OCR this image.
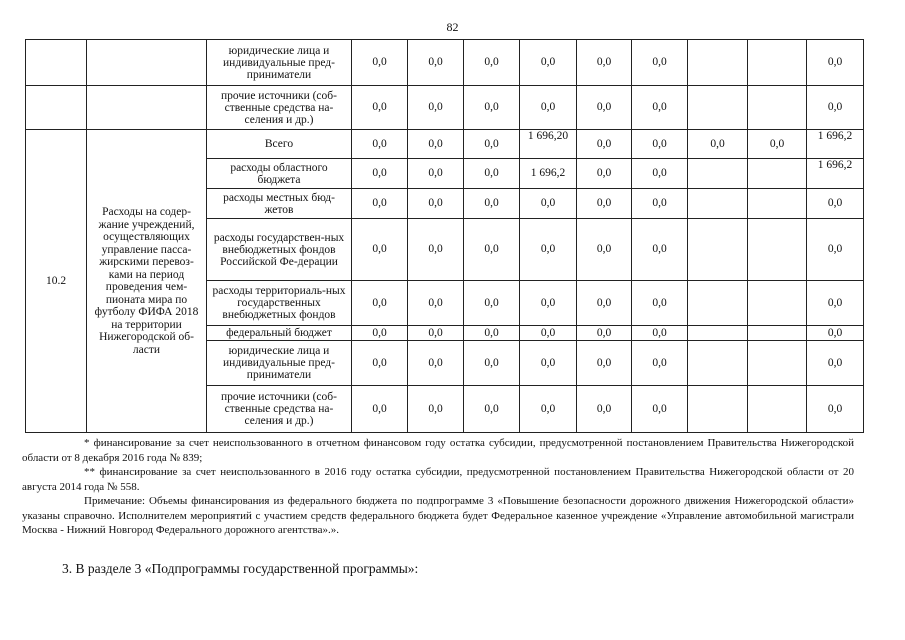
82
		юридические лица и индивидуальные пред-приниматели	0,0	0,0	0,0	0,0	0,0	0,0			0,0
		прочие источники (соб-ственные средства на-селения и др.)	0,0	0,0	0,0	0,0	0,0	0,0			0,0
10.2	Расходы на содер-жание учреждений, осуществляющих управление пасса-жирскими перевоз-ками на период проведения чем-пионата мира по футболу ФИФА 2018 на территории Нижегородской об-ласти	Всего	0,0	0,0	0,0	1 696,20	0,0	0,0	0,0	0,0	1 696,2
		расходы областного бюджета	0,0	0,0	0,0	1 696,2	0,0	0,0			1 696,2
		расходы местных бюд-жетов	0,0	0,0	0,0	0,0	0,0	0,0			0,0
		расходы государствен-ных внебюджетных фондов Российской Фе-дерации	0,0	0,0	0,0	0,0	0,0	0,0			0,0
		расходы территориаль-ных государственных внебюджетных фондов	0,0	0,0	0,0	0,0	0,0	0,0			0,0
		федеральный бюджет	0,0	0,0	0,0	0,0	0,0	0,0			0,0
		юридические лица и индивидуальные пред-приниматели	0,0	0,0	0,0	0,0	0,0	0,0			0,0
		прочие источники (соб-ственные средства на-селения и др.)	0,0	0,0	0,0	0,0	0,0	0,0			0,0

* финансирование за счет неиспользованного в отчетном финансовом году остатка субсидии, предусмотренной постановлением Правительства Нижегородской области от 8 декабря 2016 года № 839;

** финансирование за счет неиспользованного в 2016 году остатка субсидии, предусмотренной постановлением Правительства Нижегородской области от 20 августа 2014 года № 558.

Примечание: Объемы финансирования из федерального бюджета по подпрограмме 3 «Повышение безопасности дорожного движения Нижегородской области» указаны справочно. Исполнителем мероприятий с участием средств федерального бюджета будет Федеральное казенное учреждение «Управление автомобильной магистрали Москва - Нижний Новгород Федерального дорожного агентства».».

3. В разделе 3 «Подпрограммы государственной программы»:
